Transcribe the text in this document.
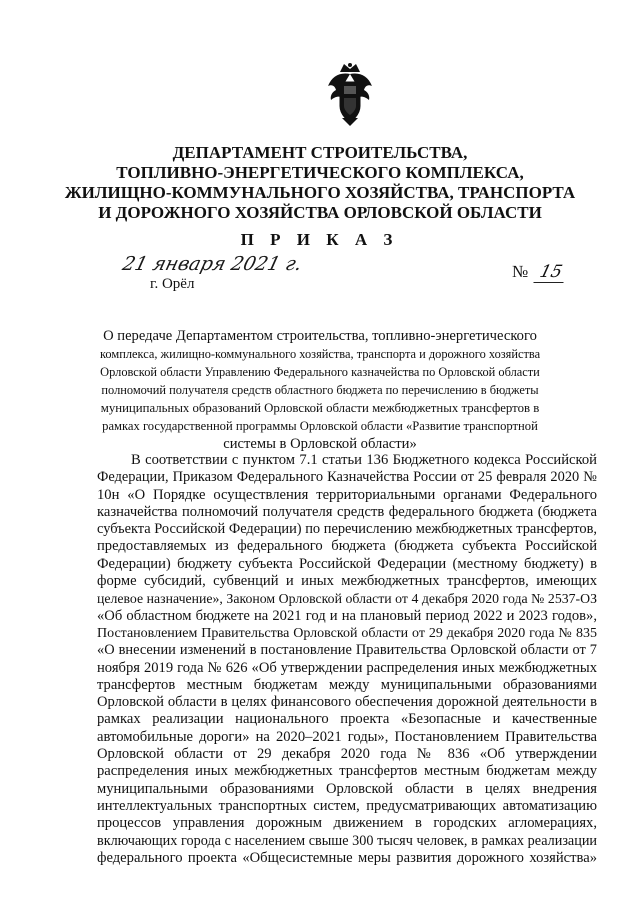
ДЕПАРТАМЕНТ СТРОИТЕЛЬСТВА,
ТОПЛИВНО-ЭНЕРГЕТИЧЕСКОГО КОМПЛЕКСА,
ЖИЛИЩНО-КОММУНАЛЬНОГО ХОЗЯЙСТВА, ТРАНСПОРТА
И ДОРОЖНОГО ХОЗЯЙСТВА ОРЛОВСКОЙ ОБЛАСТИ
П Р И К А З
21 января 2021 г.
г. Орёл
№ 15
О передаче Департаментом строительства, топливно-энергетического
комплекса, жилищно-коммунального хозяйства, транспорта и дорожного хозяйства
Орловской области Управлению Федерального казначейства по Орловской области
полномочий получателя средств областного бюджета по перечислению в бюджеты
муниципальных образований Орловской области межбюджетных трансфертов в
рамках государственной программы Орловской области «Развитие транспортной
системы в Орловской области»
В соответствии с пунктом 7.1 статьи 136 Бюджетного кодекса Российской
Федерации, Приказом Федерального Казначейства России от 25 февраля 2020 №
10н «О Порядке осуществления территориальными органами Федерального
казначейства полномочий получателя средств федерального бюджета (бюджета
субъекта Российской Федерации) по перечислению межбюджетных трансфертов,
предоставляемых из федерального бюджета (бюджета субъекта Российской
Федерации) бюджету субъекта Российской Федерации (местному бюджету) в
форме субсидий, субвенций и иных межбюджетных трансфертов, имеющих
целевое назначение», Законом Орловской области от 4 декабря 2020 года № 2537-ОЗ
«Об областном бюджете на 2021 год и на плановый период 2022 и 2023 годов»,
Постановлением Правительства Орловской области от 29 декабря 2020 года № 835
«О внесении изменений в постановление Правительства Орловской области от 7
ноября 2019 года № 626 «Об утверждении распределения иных межбюджетных
трансфертов местным бюджетам между муниципальными образованиями
Орловской области в целях финансового обеспечения дорожной деятельности в
рамках реализации национального проекта «Безопасные и качественные
автомобильные дороги» на 2020–2021 годы», Постановлением Правительства
Орловской области от 29 декабря 2020 года № 836 «Об утверждении
распределения иных межбюджетных трансфертов местным бюджетам между
муниципальными образованиями Орловской области в целях внедрения
интеллектуальных транспортных систем, предусматривающих автоматизацию
процессов управления дорожным движением в городских агломерациях,
включающих города с населением свыше 300 тысяч человек, в рамках реализации
федерального проекта «Общесистемные меры развития дорожного хозяйства»
